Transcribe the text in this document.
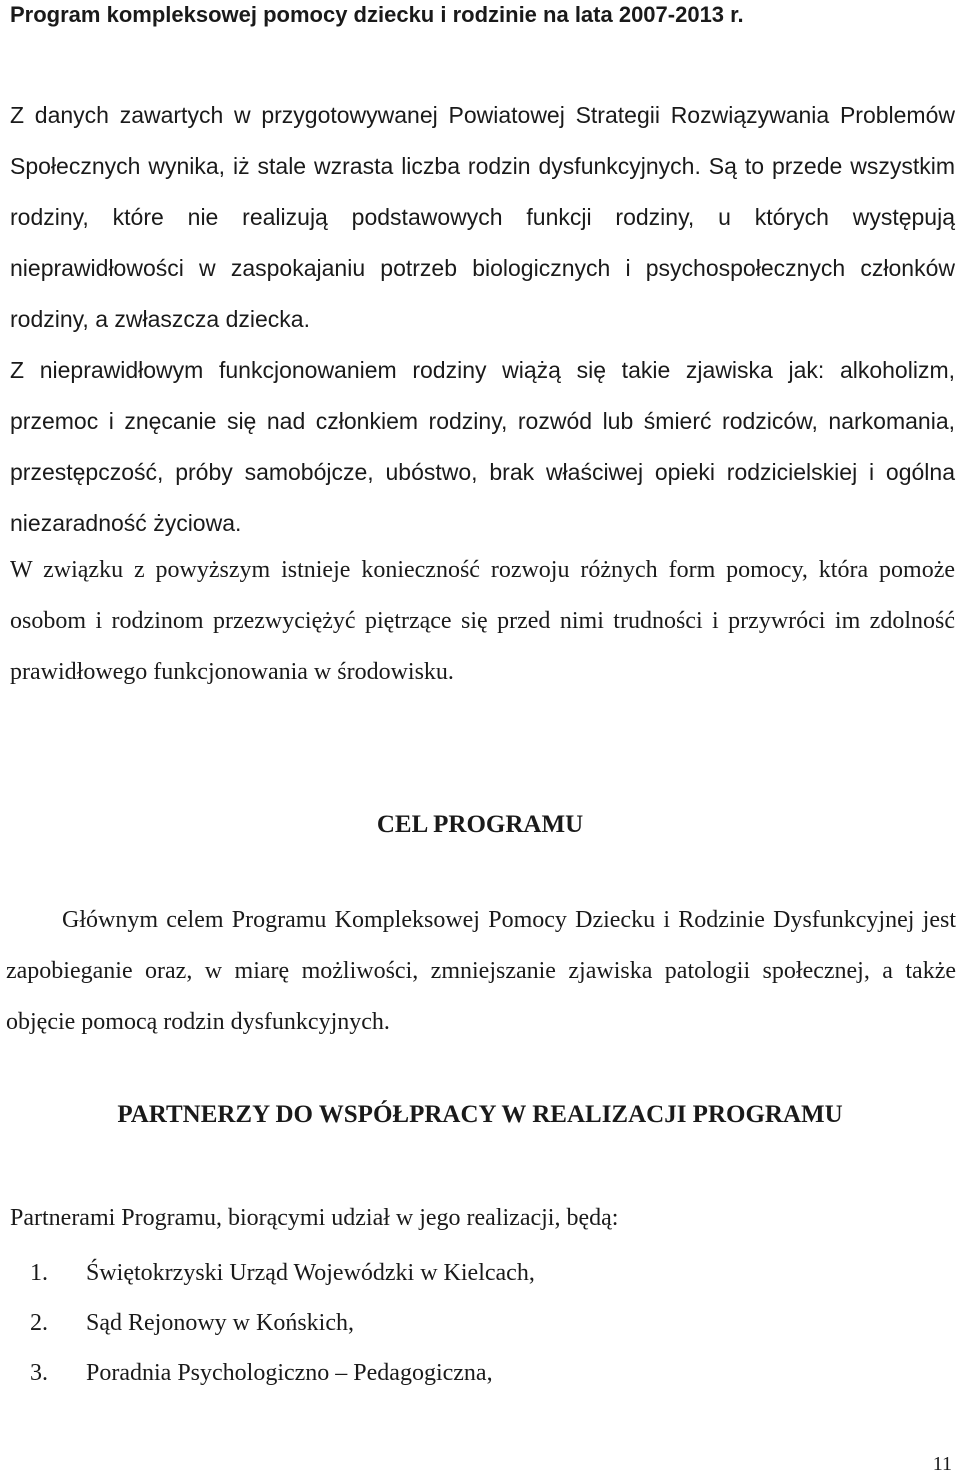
Program kompleksowej pomocy dziecku i rodzinie na lata 2007-2013 r.

Z danych zawartych w przygotowywanej Powiatowej Strategii Rozwiązywania Problemów Społecznych wynika, iż stale wzrasta liczba rodzin dysfunkcyjnych. Są to przede wszystkim rodziny, które nie realizują podstawowych funkcji rodziny, u których występują nieprawidłowości w zaspokajaniu potrzeb biologicznych i psychospołecznych członków rodziny, a zwłaszcza dziecka.

Z nieprawidłowym funkcjonowaniem rodziny wiążą się takie zjawiska jak: alkoholizm, przemoc i znęcanie się nad członkiem rodziny, rozwód lub śmierć rodziców, narkomania, przestępczość, próby samobójcze, ubóstwo, brak właściwej opieki rodzicielskiej i ogólna niezaradność życiowa.

W związku z powyższym istnieje konieczność rozwoju różnych form pomocy, która pomoże osobom i rodzinom przezwyciężyć piętrzące się przed nimi trudności i przywróci im zdolność prawidłowego funkcjonowania w środowisku.

CEL PROGRAMU

Głównym celem Programu Kompleksowej Pomocy Dziecku i Rodzinie Dysfunkcyjnej jest zapobieganie oraz, w miarę możliwości, zmniejszanie zjawiska patologii społecznej, a także objęcie pomocą rodzin dysfunkcyjnych.

PARTNERZY DO WSPÓŁPRACY W REALIZACJI PROGRAMU
Partnerami Programu, biorącymi udział w jego realizacji, będą:
1. Świętokrzyski Urząd Wojewódzki w Kielcach,
2. Sąd Rejonowy w Końskich,
3. Poradnia Psychologiczno – Pedagogiczna,
11
